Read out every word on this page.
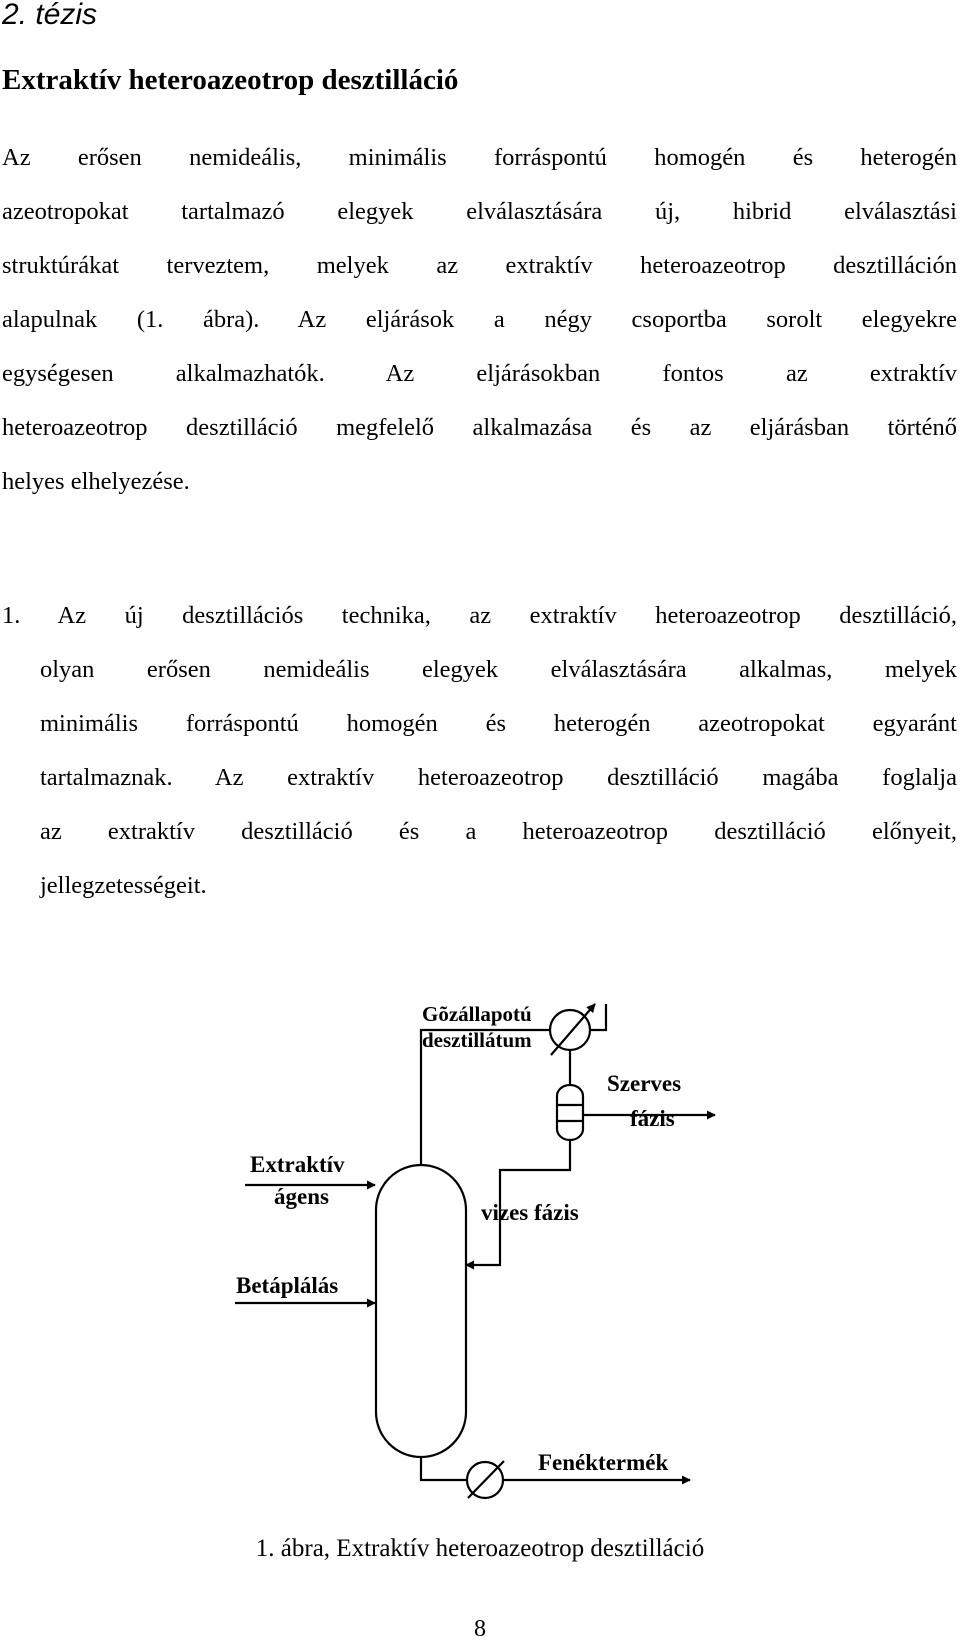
2. tézis
Extraktív heteroazeotrop desztilláció
Az erősen nemideális, minimális forráspontú homogén és heterogén
azeotropokat tartalmazó elegyek elválasztására új, hibrid elválasztási
struktúrákat terveztem, melyek az extraktív heteroazeotrop desztilláción
alapulnak (1. ábra). Az eljárások a négy csoportba sorolt elegyekre
egységesen alkalmazhatók. Az eljárásokban fontos az extraktív
heteroazeotrop desztilláció megfelelő alkalmazása és az eljárásban történő
helyes elhelyezése.
1. Az új desztillációs technika, az extraktív heteroazeotrop desztilláció,
olyan erősen nemideális elegyek elválasztására alkalmas, melyek
minimális forráspontú homogén és heterogén azeotropokat egyaránt
tartalmaznak. Az extraktív heteroazeotrop desztilláció magába foglalja
az extraktív desztilláció és a heteroazeotrop desztilláció előnyeit,
jellegzetességeit.
Gõzállapotú
desztillátum
Szerves
fázis
Extraktív
ágens
vizes fázis
Betáplálás
Fenéktermék
1. ábra, Extraktív heteroazeotrop desztilláció
8
